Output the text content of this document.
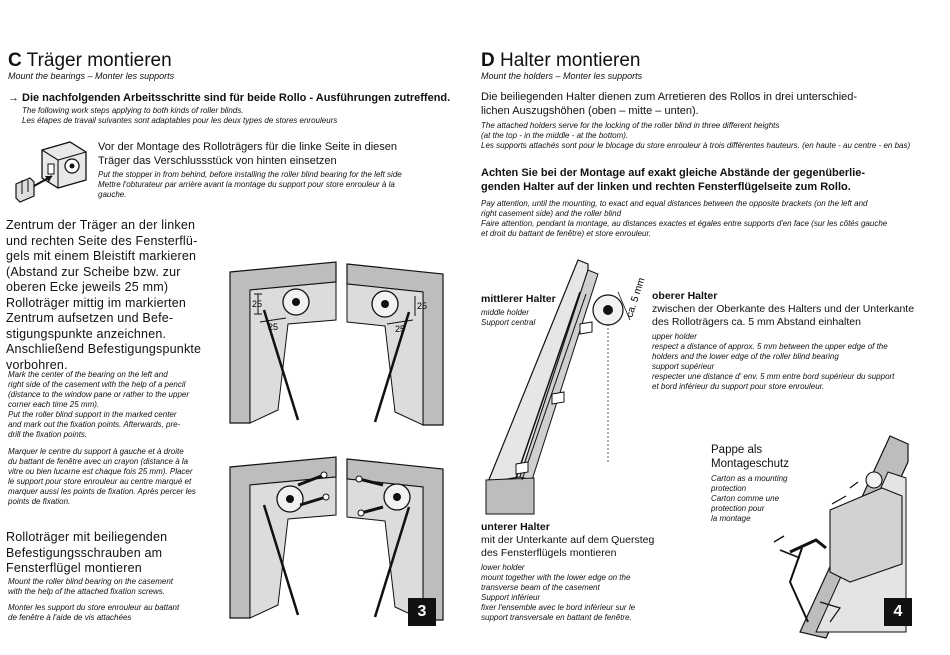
C Träger montieren
Mount the bearings – Monter les supports
→ Die nachfolgenden Arbeitsschritte sind für beide Rollo - Ausführungen zutreffend.
The following work steps applying to both kinds of roller blinds.
Les étapes de travail suivantes sont adaptables pour les deux types de stores enrouleurs
Vor der Montage des Rolloträgers für die linke Seite in diesen
Träger das Verschlussstück von hinten einsetzen
Put the stopper in from behind, before installing the roller blind bearing for the left side
Mettre l'obturateur par arrière avant la montage du support pour store enrouleur à la
gauche.
Zentrum der Träger an der linken
und rechten Seite des Fensterflü-
gels mit einem Bleistift markieren
(Abstand zur Scheibe bzw. zur
oberen Ecke jeweils 25 mm)
Rolloträger mittig im markierten
Zentrum aufsetzen und Befe-
stigungspunkte anzeichnen.
Anschließend Befestigungspunkte
vorbohren.
Mark the center of the bearing on the left and
right side of the casement with the help of a pencil
(distance to the window pane or rather to the upper
corner each time 25 mm).
Put the roller blind support in the marked center
and mark out the fixation points. Afterwards, pre-
drill the fixation points.
Marquer le centre du support à gauche et à droite
du battant de fenêtre avec un crayon (distance à la
vitre ou bien lucarne est chaque fois 25 mm). Placer
le support pour store enrouleur au centre marqué et
marquer aussi les points de fixation. Après percer les
points de fixation.
Rolloträger mit beiliegenden
Befestigungsschrauben am
Fensterflügel montieren
Mount the roller blind bearing on the casement
with the help of the attached fixation screws.
Monter les support du store enrouleur au battant
de fenêtre à l'aide de vis attachées
25
25
25
25
3
D Halter montieren
Mount the holders – Monter les supports
Die beiliegenden Halter dienen zum Arretieren des Rollos in drei unterschied-
lichen Auszugshöhen (oben – mitte – unten).
The attached holders serve for the locking of the roller blind in three different heights
(at the top - in the middle - at the bottom).
Les supports attachés sont pour le blocage du store enrouleur à trois différentes hauteurs. (en haute - au centre - en bas)
Achten Sie bei der Montage auf exakt gleiche Abstände der gegenüberlie-
genden Halter auf der linken und rechten Fensterflügelseite zum Rollo.
Pay attention, until the mounting, to exact and equal distances between the opposite brackets (on the left and
right casement side) and the roller blind
Faire attention, pendant la montage, au distances exactes et égales entre supports d'en face (sur les côtés gauche
et droit du battant de fenêtre) et store enrouleur.
ca. 5 mm
mittlerer Halter
middle holder
Support central
oberer Halter
zwischen der Oberkante des Halters und der Unterkante
des Rolloträgers ca. 5 mm Abstand einhalten
upper holder
respect a distance of approx. 5 mm between the upper edge of the
holders and the lower edge of the roller blind bearing
support supérieur
respecter une distance d' env. 5 mm entre bord supérieur du support
et bord inférieur du support pour store enrouleur.
unterer Halter
mit der Unterkante auf dem Quersteg
des Fensterflügels montieren
lower holder
mount together with the lower edge on the
transverse beam of the casement
Support inférieur
fixer l'ensemble avec le bord inférieur sur le
support transversale en battant de fenêtre.
Pappe als
Montageschutz
Carton as a mounting
protection
Carton comme une
protection pour
la montage
4
